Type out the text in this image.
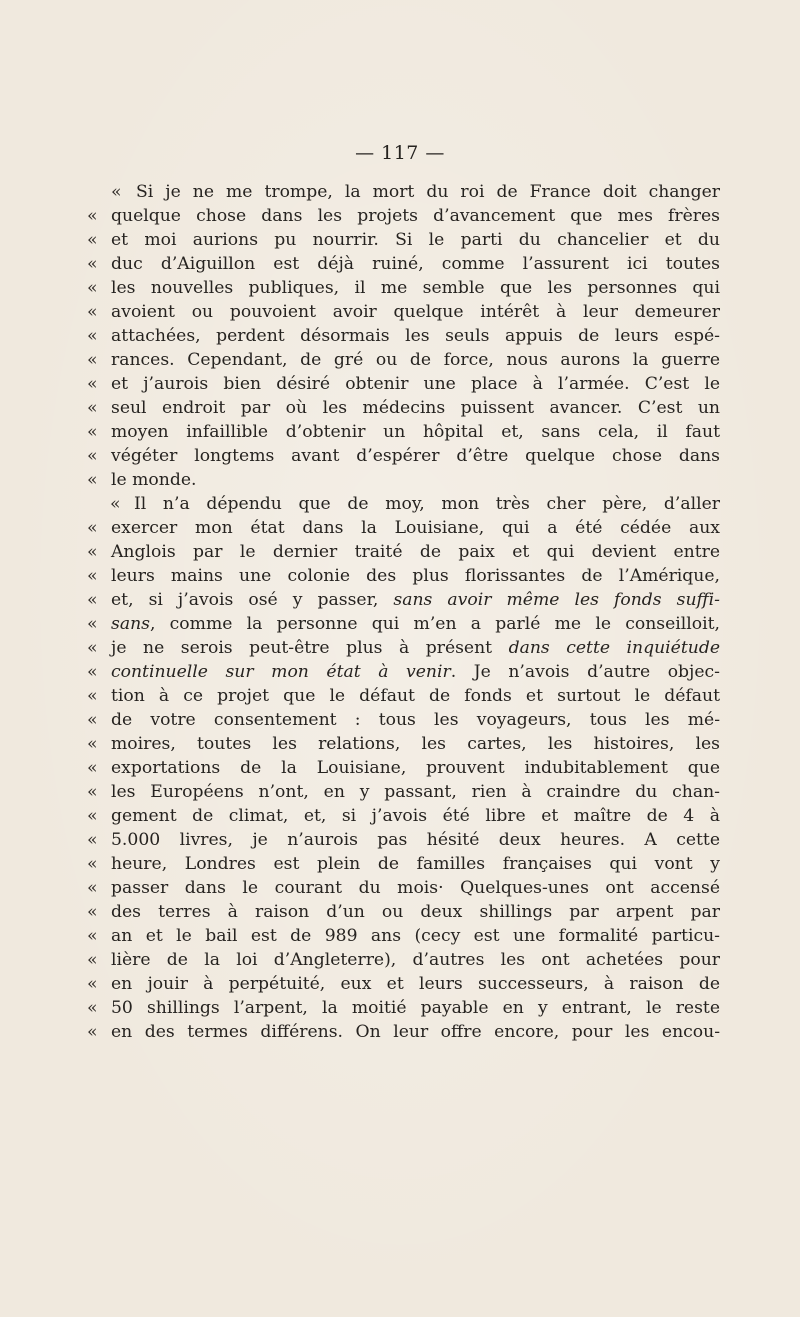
— 117 —
« Si je ne me trompe, la mort du roi de France doit changer
« quelque chose dans les projets d’avancement que mes frères
« et moi aurions pu nourrir. Si le parti du chancelier et du
« duc d’Aiguillon est déjà ruiné, comme l’assurent ici toutes
« les nouvelles publiques, il me semble que les personnes qui
« avoient ou pouvoient avoir quelque intérêt à leur demeurer
« attachées, perdent désormais les seuls appuis de leurs espé-
« rances. Cependant, de gré ou de force, nous aurons la guerre
« et j’aurois bien désiré obtenir une place à l’armée. C’est le
« seul endroit par où les médecins puissent avancer. C’est un
« moyen infaillible d’obtenir un hôpital et, sans cela, il faut
« végéter longtems avant d’espérer d’être quelque chose dans
« le monde.
« Il n’a dépendu que de moy, mon très cher père, d’aller
« exercer mon état dans la Louisiane, qui a été cédée aux
« Anglois par le dernier traité de paix et qui devient entre
« leurs mains une colonie des plus florissantes de l’Amérique,
« et, si j’avois osé y passer, sans avoir même les fonds suffi-
« sans, comme la personne qui m’en a parlé me le conseilloit,
« je ne serois peut-être plus à présent dans cette inquiétude
« continuelle sur mon état à venir. Je n’avois d’autre objec-
« tion à ce projet que le défaut de fonds et surtout le défaut
« de votre consentement : tous les voyageurs, tous les mé-
« moires, toutes les relations, les cartes, les histoires, les
« exportations de la Louisiane, prouvent indubitablement que
« les Européens n’ont, en y passant, rien à craindre du chan-
« gement de climat, et, si j’avois été libre et maître de 4 à
« 5.000 livres, je n’aurois pas hésité deux heures. A cette
« heure, Londres est plein de familles françaises qui vont y
« passer dans le courant du mois· Quelques-unes ont accensé
« des terres à raison d’un ou deux shillings par arpent par
« an et le bail est de 989 ans (cecy est une formalité particu-
« lière de la loi d’Angleterre), d’autres les ont achetées pour
« en jouir à perpétuité, eux et leurs successeurs, à raison de
« 50 shillings l’arpent, la moitié payable en y entrant, le reste
« en des termes différens. On leur offre encore, pour les encou-
